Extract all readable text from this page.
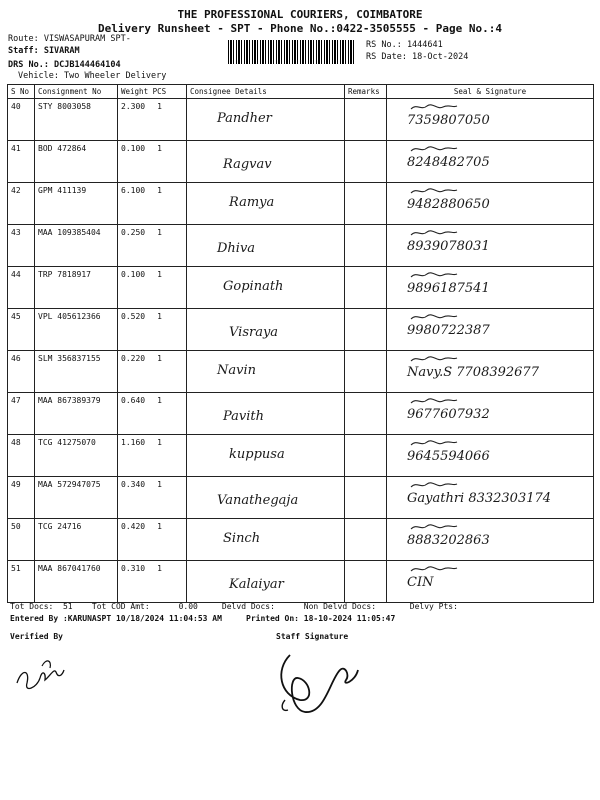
THE PROFESSIONAL COURIERS, COIMBATORE
Delivery Runsheet - SPT - Phone No.:0422-3505555 - Page No.:4
Route: VISWASAPURAM SPT-
Staff: SIVARAM
DRS No.: DCJB144464104
Vehicle: Two Wheeler Delivery
RS No.: 1444641
RS Date: 18-Oct-2024
S No	Consignment No	Weight PCS	Consignee Details	Remarks	Seal & Signature
40	STY 8003058	2.300 1	Pandher		7359807050

41	BOD 472864	0.100 1	Ragvav		8248482705

42	GPM 411139	6.100 1	Ramya		9482880650

43	MAA 109385404	0.250 1	Dhiva		8939078031

44	TRP 7818917	0.100 1	Gopinath		9896187541

45	VPL 405612366	0.520 1	Visraya		9980722387

46	SLM 356837155	0.220 1	Navin		Navy.S 7708392677

47	MAA 867389379	0.640 1	Pavith		9677607932

48	TCG 41275070	1.160 1	kuppusa		9645594066

49	MAA 572947075	0.340 1	Vanathegaja		Gayathri 8332303174

50	TCG 24716	0.420 1	Sinch		8883202863

51	MAA 867041760	0.310 1	Kalaiyar		CIN
Tot Docs:  51    Tot COD Amt:      0.00     Delvd Docs:      Non Delvd Docs:       Delvy Pts:
Entered By :KARUNASPT 10/18/2024 11:04:53 AM     Printed On: 18-10-2024 11:05:47
Verified By	Staff Signature
